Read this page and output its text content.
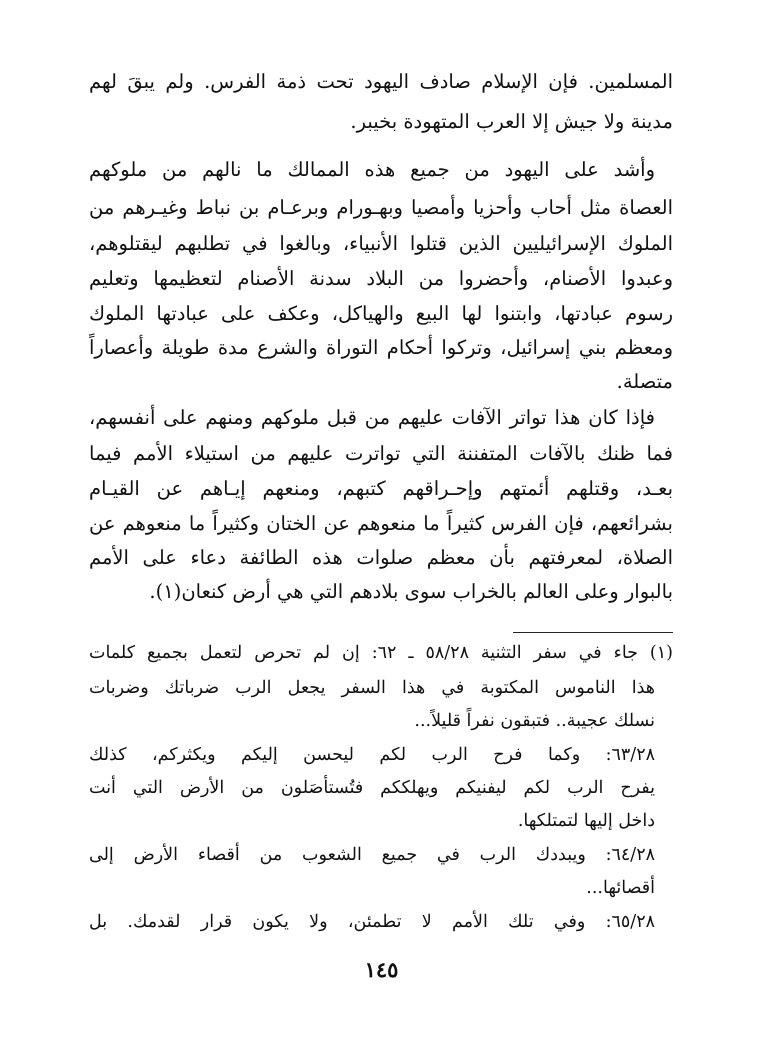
المسلمين. فإن الإسلام صادف اليهود تحت ذمة الفرس. ولم يبقَ لهم
مدينة ولا جيش إلا العرب المتهودة بخيبر.
وأشد على اليهود من جميع هذه الممالك ما نالهم من ملوكهم
العصاة مثل أحاب وأحزيا وأمصيا وبهـورام وبرعـام بن نباط وغيـرهم من
الملوك الإسرائيليين الذين قتلوا الأنبياء، وبالغوا في تطلبهم ليقتلوهم،
وعبدوا الأصنام، وأحضروا من البلاد سدنة الأصنام لتعظيمها وتعليم
رسوم عبادتها، وابتنوا لها البيع والهياكل، وعكف على عبادتها الملوك
ومعظم بني إسرائيل، وتركوا أحكام التوراة والشرع مدة طويلة وأعصاراً
متصلة.
فإذا كان هذا تواتر الآفات عليهم من قبل ملوكهم ومنهم على أنفسهم،
فما ظنك بالآفات المتفننة التي تواترت عليهم من استيلاء الأمم فيما
بعـد، وقتلهم أئمتهم وإحـراقهم كتبهم، ومنعهم إيـاهم عن القيـام
بشرائعهم، فإن الفرس كثيراً ما منعوهم عن الختان وكثيراً ما منعوهم عن
الصلاة، لمعرفتهم بأن معظم صلوات هذه الطائفة دعاء على الأمم
بالبوار وعلى العالم بالخراب سوى بلادهم التي هي أرض كنعان(١).
(١) جاء في سفر التثنية ٥٨/٢٨ ـ ٦٢: إن لم تحرص لتعمل بجميع كلمات
هذا الناموس المكتوبة في هذا السفر يجعل الرب ضرباتك وضربات
نسلك عجيبة.. فتبقون نفراً قليلاً...
٦٣/٢٨: وكما فرح الرب لكم ليحسن إليكم ويكثركم، كذلك
يفرح الرب لكم ليفنيكم ويهلككم فتُستأصَلون من الأرض التي أنت
داخل إليها لتمتلكها.
٦٤/٢٨: ويبددك الرب في جميع الشعوب من أقصاء الأرض إلى
أقصائها...
٦٥/٢٨: وفي تلك الأمم لا تطمئن، ولا يكون قرار لقدمك. بل
١٤٥
